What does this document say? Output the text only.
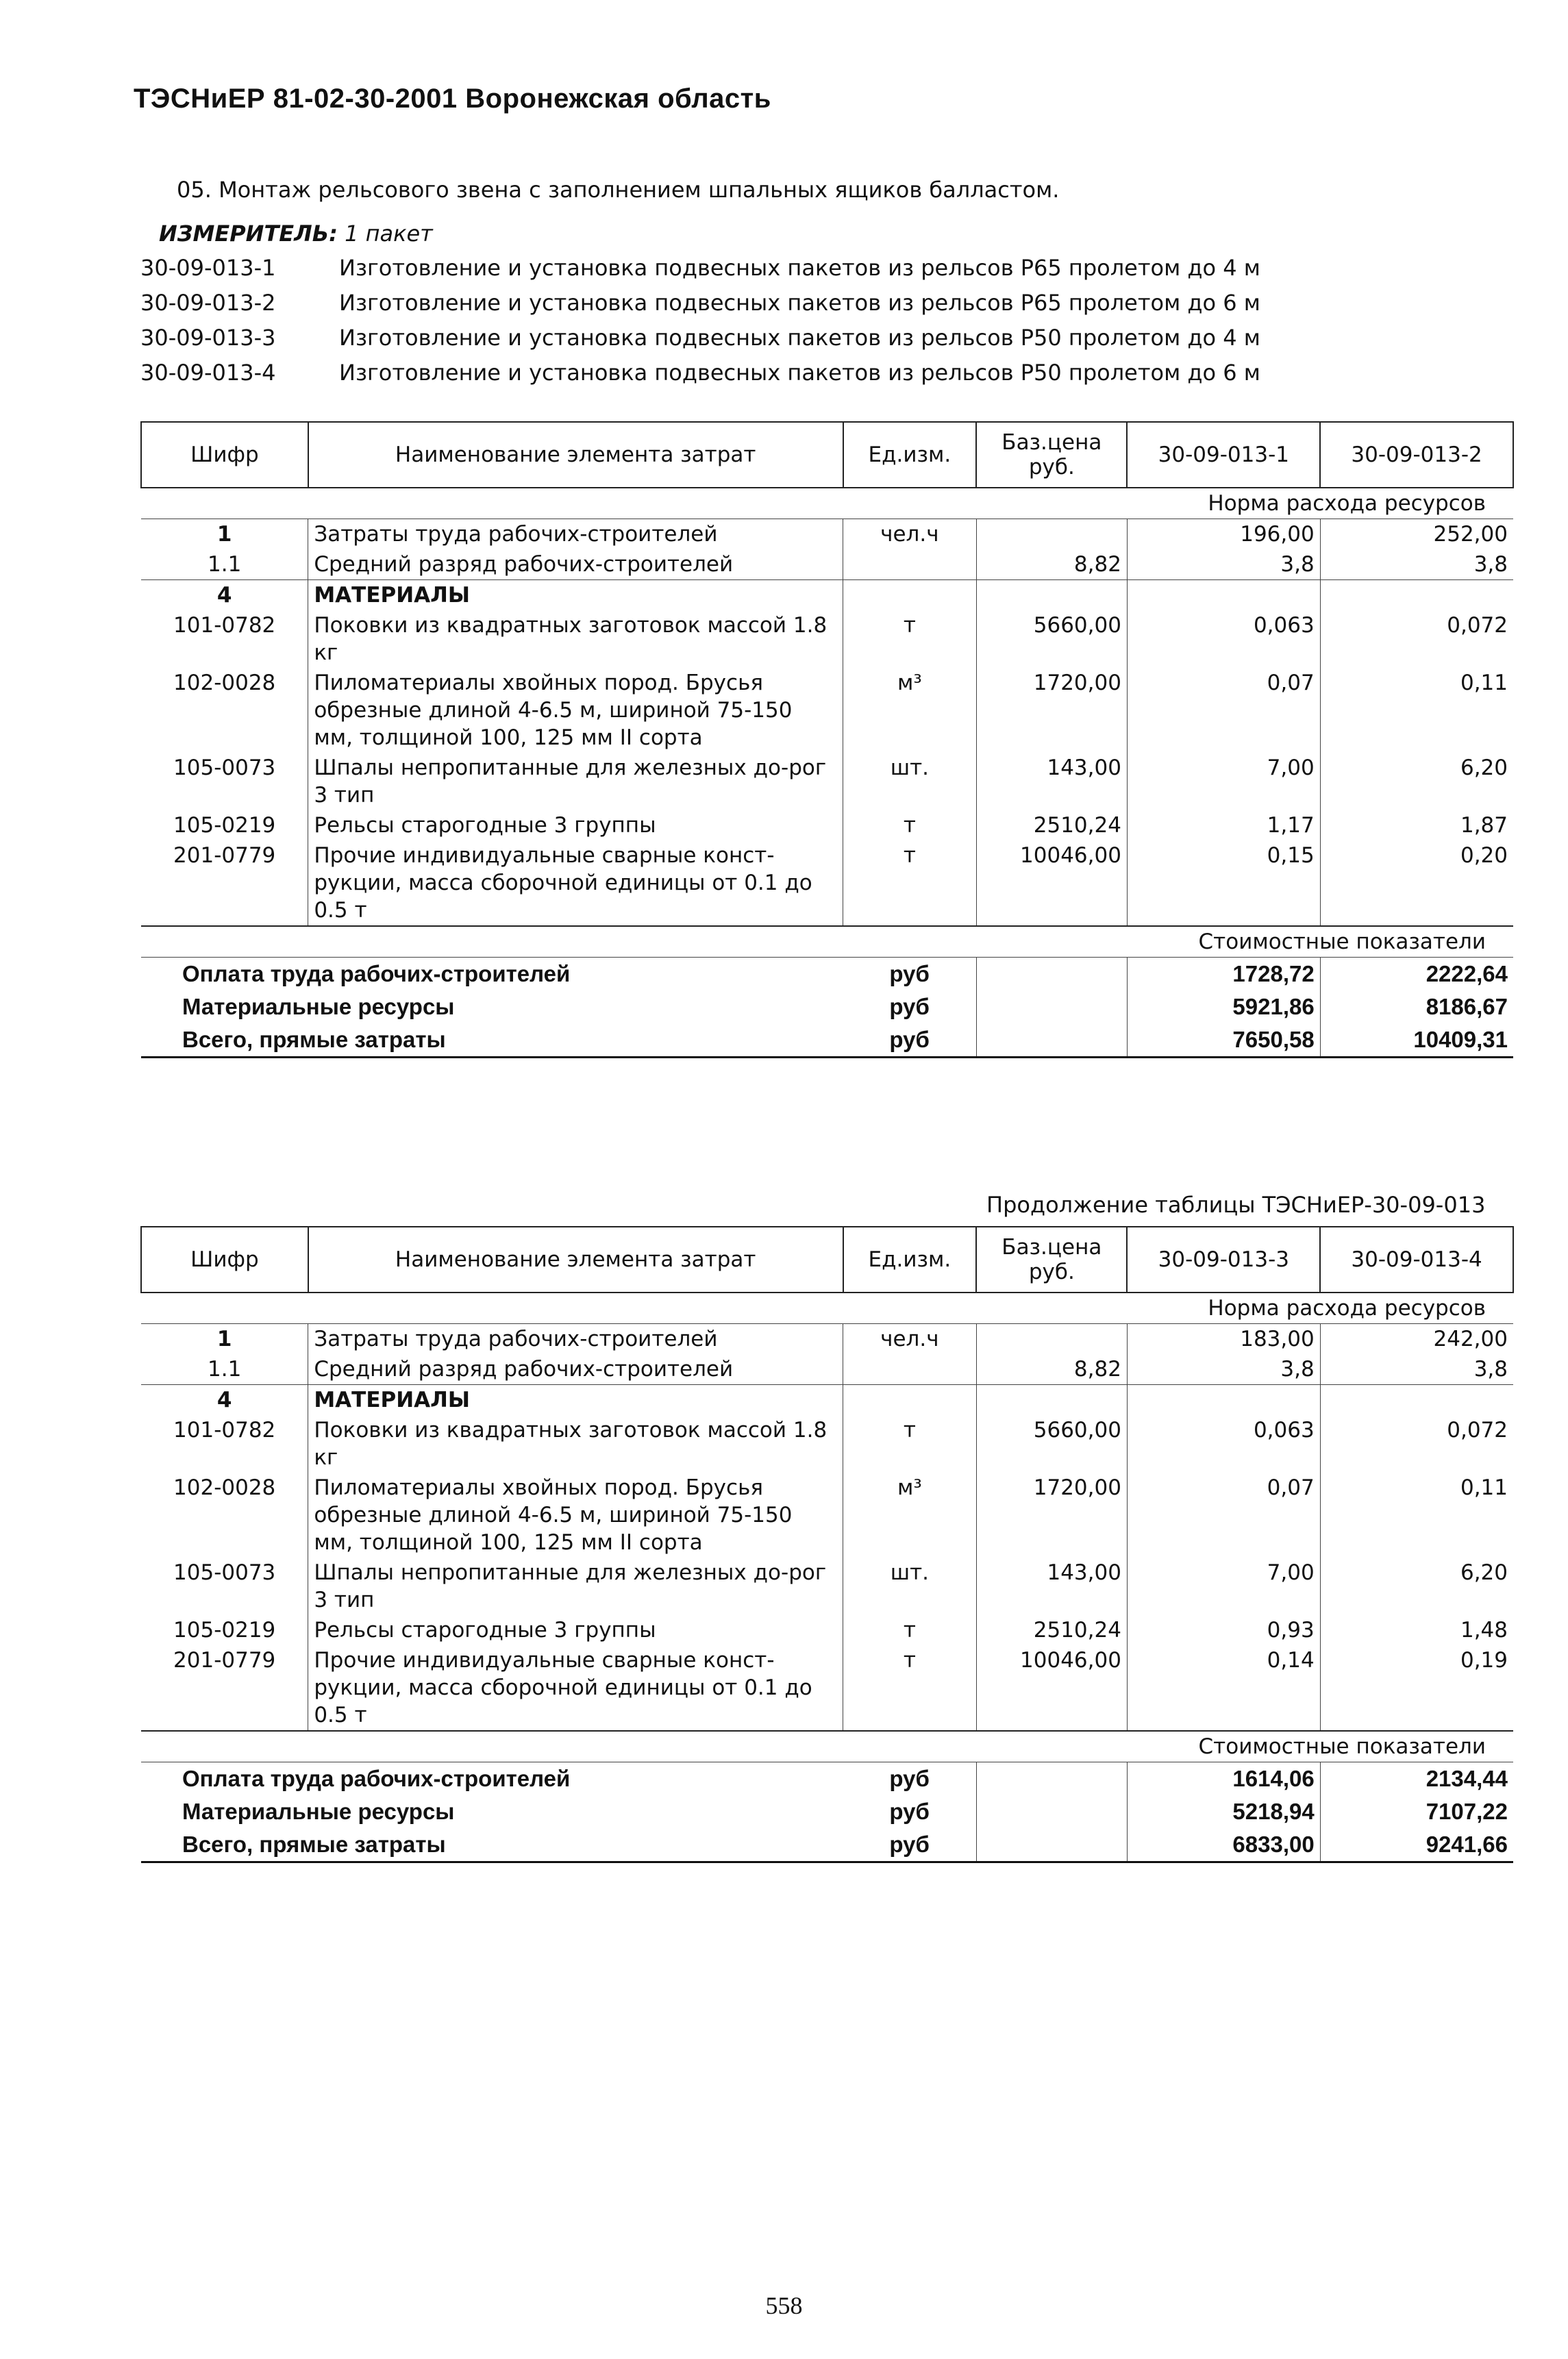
ТЭСНиЕР 81-02-30-2001 Воронежская область
05. Монтаж рельсового звена с заполнением шпальных ящиков балластом.
ИЗМЕРИТЕЛЬ: 1 пакет
30-09-013-1	Изготовление и установка подвесных пакетов из рельсов Р65 пролетом до 4 м
30-09-013-2	Изготовление и установка подвесных пакетов из рельсов Р65 пролетом до 6 м
30-09-013-3	Изготовление и установка подвесных пакетов из рельсов Р50 пролетом до 4 м
30-09-013-4	Изготовление и установка подвесных пакетов из рельсов Р50 пролетом до 6 м
Шифр	Наименование элемента затрат	Ед.изм.	Баз.цена руб.	30-09-013-1	30-09-013-2
Норма расхода ресурсов					
1	Затраты труда рабочих-строителей	чел.ч		196,00	252,00
1.1	Средний разряд рабочих-строителей		8,82	3,8	3,8
4	МАТЕРИАЛЫ				
101-0782	Поковки из квадратных заготовок массой 1.8 кг	т	5660,00	0,063	0,072
102-0028	Пиломатериалы хвойных пород. Брусья обрезные длиной 4-6.5 м, шириной 75-150 мм, толщиной 100, 125 мм II сорта	м³	1720,00	0,07	0,11
105-0073	Шпалы непропитанные для железных до-рог 3 тип	шт.	143,00	7,00	6,20
105-0219	Рельсы старогодные 3 группы	т	2510,24	1,17	1,87
201-0779	Прочие индивидуальные сварные конст-рукции, масса сборочной единицы от 0.1 до 0.5 т	т	10046,00	0,15	0,20
Стоимостные показатели					
Оплата труда рабочих-строителей		руб		1728,72	2222,64
Материальные ресурсы		руб		5921,86	8186,67
Всего, прямые затраты		руб		7650,58	10409,31
Продолжение таблицы ТЭСНиЕР-30-09-013
Шифр	Наименование элемента затрат	Ед.изм.	Баз.цена руб.	30-09-013-3	30-09-013-4
Норма расхода ресурсов					
1	Затраты труда рабочих-строителей	чел.ч		183,00	242,00
1.1	Средний разряд рабочих-строителей		8,82	3,8	3,8
4	МАТЕРИАЛЫ				
101-0782	Поковки из квадратных заготовок массой 1.8 кг	т	5660,00	0,063	0,072
102-0028	Пиломатериалы хвойных пород. Брусья обрезные длиной 4-6.5 м, шириной 75-150 мм, толщиной 100, 125 мм II сорта	м³	1720,00	0,07	0,11
105-0073	Шпалы непропитанные для железных до-рог 3 тип	шт.	143,00	7,00	6,20
105-0219	Рельсы старогодные 3 группы	т	2510,24	0,93	1,48
201-0779	Прочие индивидуальные сварные конст-рукции, масса сборочной единицы от 0.1 до 0.5 т	т	10046,00	0,14	0,19
Стоимостные показатели					
Оплата труда рабочих-строителей		руб		1614,06	2134,44
Материальные ресурсы		руб		5218,94	7107,22
Всего, прямые затраты		руб		6833,00	9241,66
558
